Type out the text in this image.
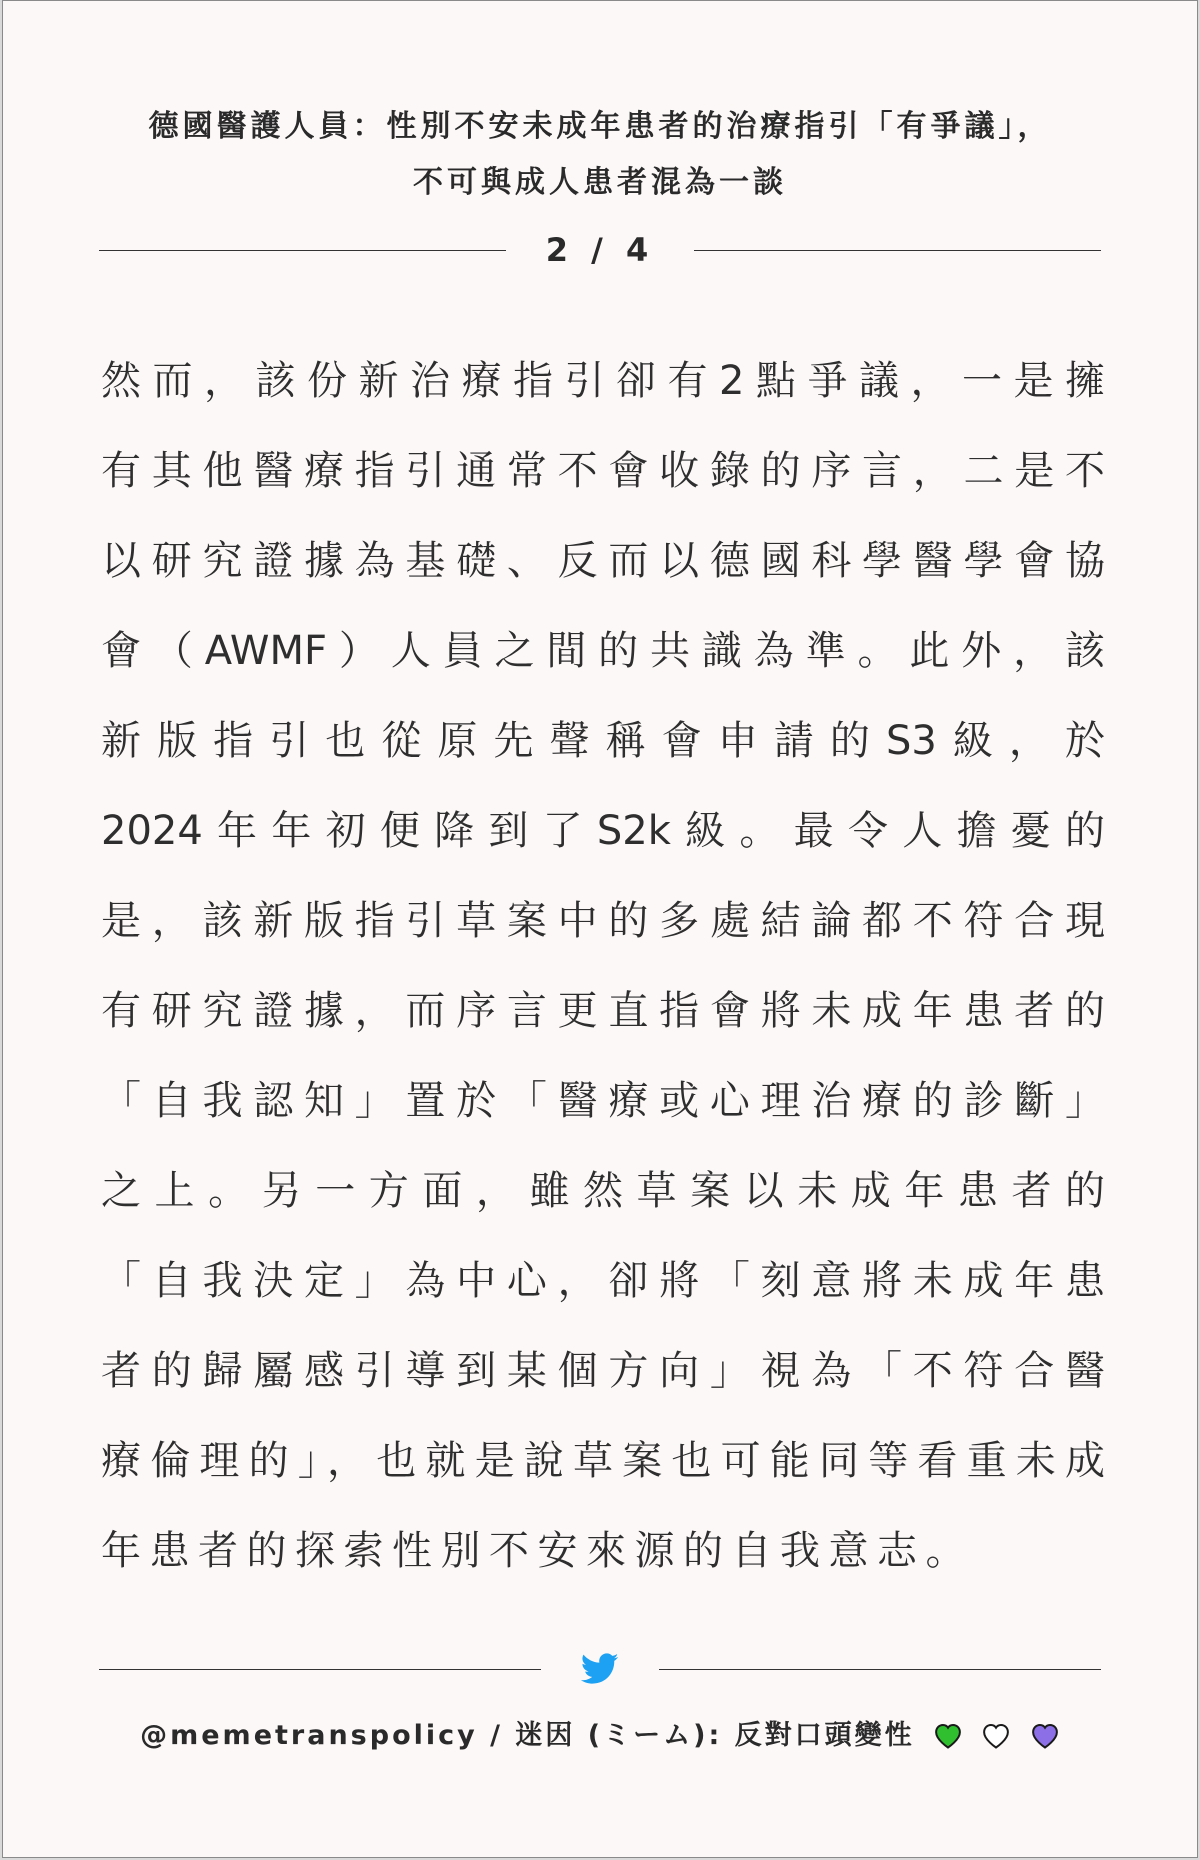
德國醫護人員：性別不安未成年患者的治療指引「有爭議」，
不可與成人患者混為一談
2 / 4
然而，該份新治療指引卻有2點爭議，一是擁
有其他醫療指引通常不會收錄的序言，二是不
以研究證據為基礎、反而以德國科學醫學會協
會（AWMF）人員之間的共識為準。此外，該
新版指引也從原先聲稱會申請的S3級，於
2024年年初便降到了S2k級。最令人擔憂的
是，該新版指引草案中的多處結論都不符合現
有研究證據，而序言更直指會將未成年患者的
「自我認知」置於「醫療或心理治療的診斷」
之上。另一方面，雖然草案以未成年患者的
「自我決定」為中心，卻將「刻意將未成年患
者的歸屬感引導到某個方向」視為「不符合醫
療倫理的」，也就是說草案也可能同等看重未成
年患者的探索性別不安來源的自我意志。
@memetranspolicy / 迷因 (ミーム): 反對口頭變性
